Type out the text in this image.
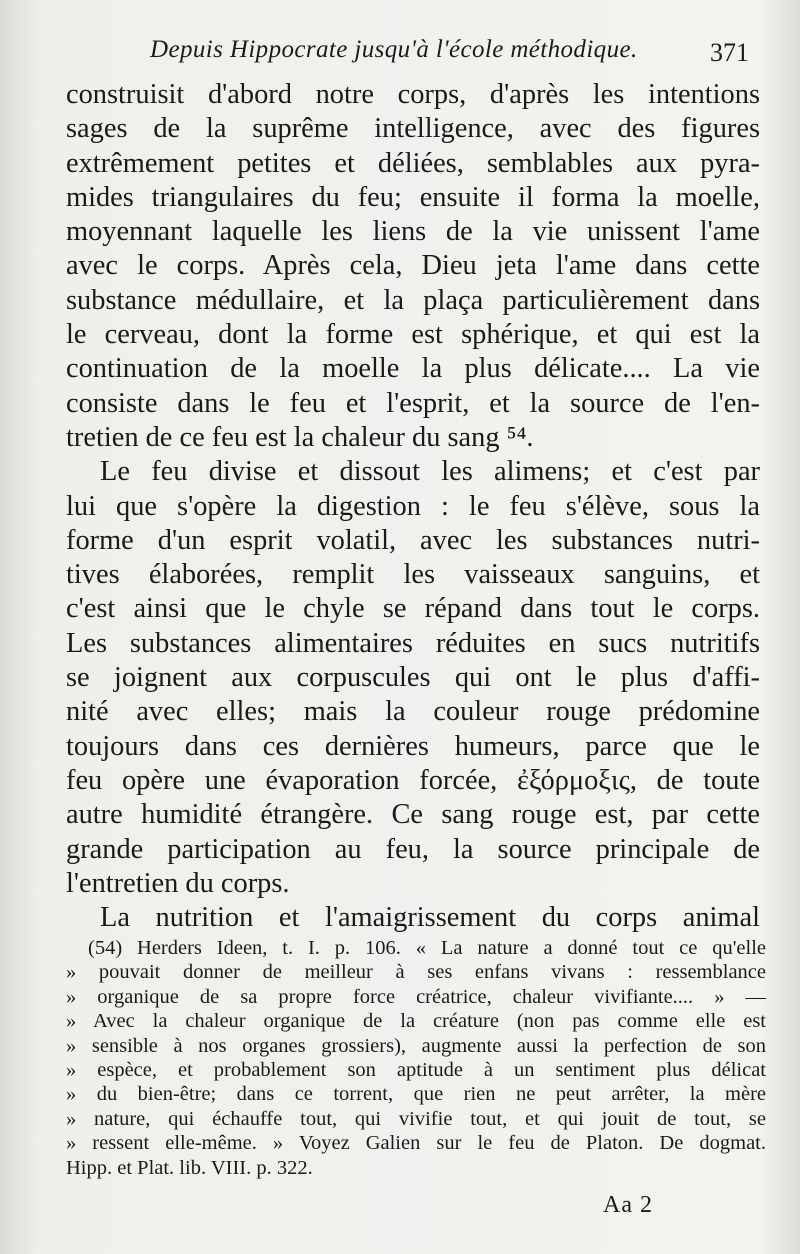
Depuis Hippocrate jusqu'à l'école méthodique.	371
construisit d'abord notre corps, d'après les intentions
sages de la suprême intelligence, avec des figures
extrêmement petites et déliées, semblables aux pyra-
mides triangulaires du feu; ensuite il forma la moelle,
moyennant laquelle les liens de la vie unissent l'ame
avec le corps. Après cela, Dieu jeta l'ame dans cette
substance médullaire, et la plaça particulièrement dans
le cerveau, dont la forme est sphérique, et qui est la
continuation de la moelle la plus délicate.... La vie
consiste dans le feu et l'esprit, et la source de l'en-
tretien de ce feu est la chaleur du sang ⁵⁴.
Le feu divise et dissout les alimens; et c'est par
lui que s'opère la digestion : le feu s'élève, sous la
forme d'un esprit volatil, avec les substances nutri-
tives élaborées, remplit les vaisseaux sanguins, et
c'est ainsi que le chyle se répand dans tout le corps.
Les substances alimentaires réduites en sucs nutritifs
se joignent aux corpuscules qui ont le plus d'affi-
nité avec elles; mais la couleur rouge prédomine
toujours dans ces dernières humeurs, parce que le
feu opère une évaporation forcée, ἐξόρμοξις, de toute
autre humidité étrangère. Ce sang rouge est, par cette
grande participation au feu, la source principale de
l'entretien du corps.
La nutrition et l'amaigrissement du corps animal
(54) Herders Ideen, t. I. p. 106. « La nature a donné tout ce qu'elle
» pouvait donner de meilleur à ses enfans vivans : ressemblance
» organique de sa propre force créatrice, chaleur vivifiante.... » —
» Avec la chaleur organique de la créature (non pas comme elle est
» sensible à nos organes grossiers), augmente aussi la perfection de son
» espèce, et probablement son aptitude à un sentiment plus délicat
» du bien-être; dans ce torrent, que rien ne peut arrêter, la mère
» nature, qui échauffe tout, qui vivifie tout, et qui jouit de tout, se
» ressent elle-même. » Voyez Galien sur le feu de Platon. De dogmat.
Hipp. et Plat. lib. VIII. p. 322.
Aa 2
